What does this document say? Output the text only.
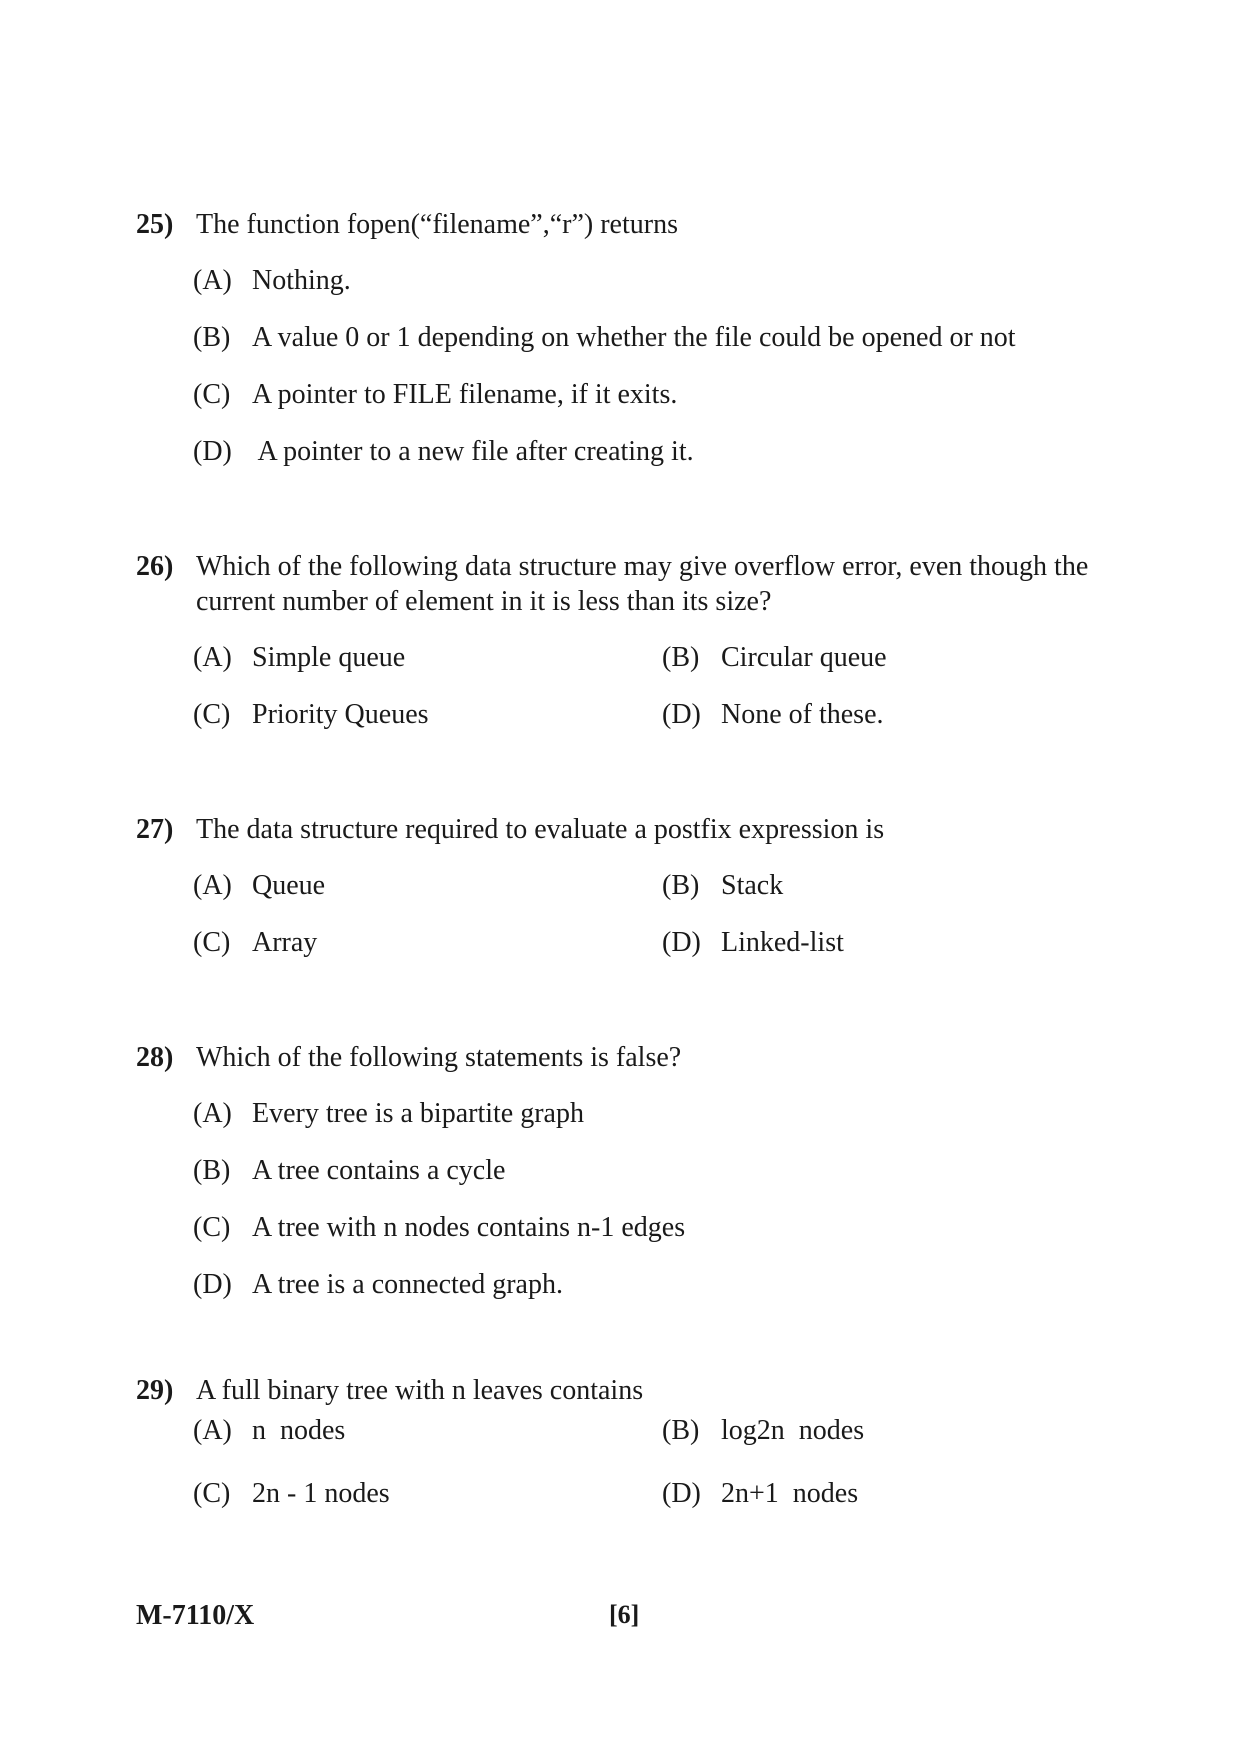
25) The function fopen(“filename”,“r”) returns
(A) Nothing.
(B) A value 0 or 1 depending on whether the file could be opened or not
(C) A pointer to FILE filename, if it exits.
(D) A pointer to a new file after creating it.
26) Which of the following data structure may give overflow error, even though the current number of element in it is less than its size?
(A) Simple queue	(B) Circular queue
(C) Priority Queues	(D) None of these.
27) The data structure required to evaluate a postfix expression is
(A) Queue	(B) Stack
(C) Array	(D) Linked-list
28) Which of the following statements is false?
(A) Every tree is a bipartite graph
(B) A tree contains a cycle
(C) A tree with n nodes contains n-1 edges
(D) A tree is a connected graph.
29) A full binary tree with n leaves contains
(A) n  nodes	(B) log2n  nodes
(C) 2n - 1 nodes	(D) 2n+1  nodes
M-7110/X	[6]
